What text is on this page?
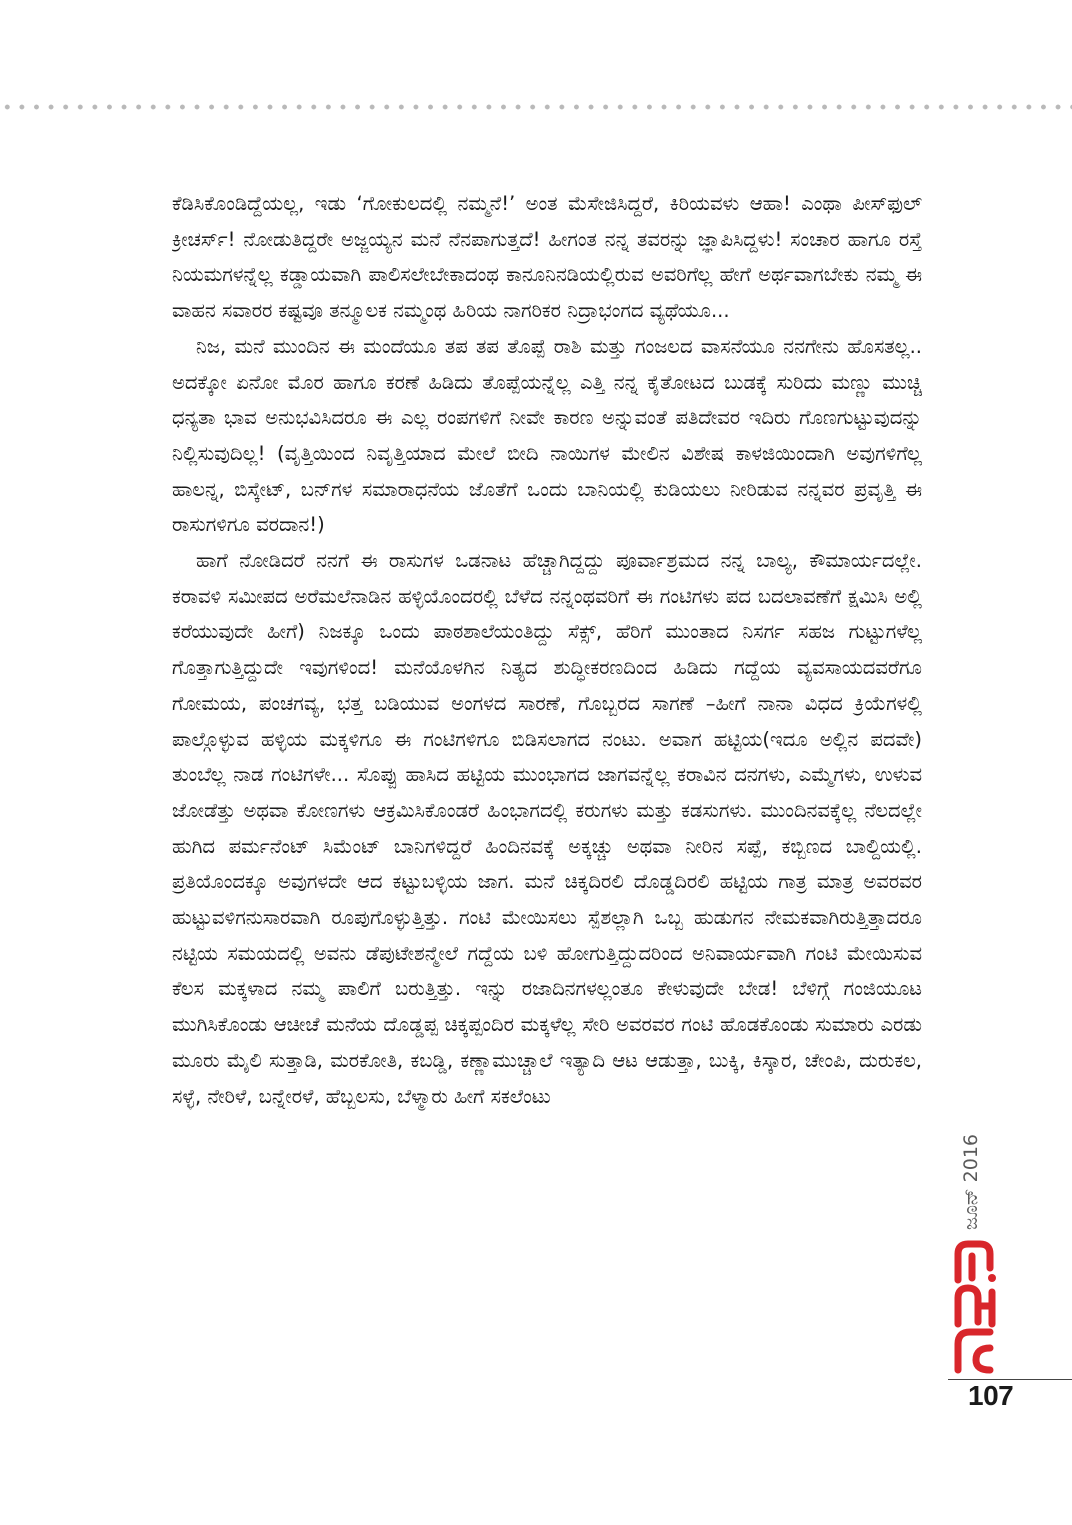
ಕೆಡಿಸಿಕೊಂಡಿದ್ದೆಯಲ್ಲ, ಇಡು ‘ಗೋಕುಲದಲ್ಲಿ ನಮ್ಮನೆ!’ ಅಂತ ಮೆಸೇಜಿಸಿದ್ದರೆ, ಕಿರಿಯವಳು ಆಹಾ! ಎಂಥಾ ಪೀಸ್‌ಫುಲ್ ಕ್ರೀಚರ್ಸ್! ನೋಡುತಿದ್ದರೇ ಅಜ್ಜಯ್ಯನ ಮನೆ ನೆನಪಾಗುತ್ತದೆ! ಹೀಗಂತ ನನ್ನ ತವರನ್ನು ಜ್ಞಾಪಿಸಿದ್ದಳು! ಸಂಚಾರ ಹಾಗೂ ರಸ್ತೆ ನಿಯಮಗಳನ್ನೆಲ್ಲ ಕಡ್ಡಾಯವಾಗಿ ಪಾಲಿಸಲೇಬೇಕಾದಂಥ ಕಾನೂನಿನಡಿಯಲ್ಲಿರುವ ಅವರಿಗೆಲ್ಲ ಹೇಗೆ ಅರ್ಥವಾಗಬೇಕು ನಮ್ಮ ಈ ವಾಹನ ಸವಾರರ ಕಷ್ಟವೂ ತನ್ಮೂಲಕ ನಮ್ಮಂಥ ಹಿರಿಯ ನಾಗರಿಕರ ನಿದ್ರಾಭಂಗದ ವ್ಯಥೆಯೂ...

ನಿಜ, ಮನೆ ಮುಂದಿನ ಈ ಮಂದೆಯೂ ತಪ ತಪ ತೊಪ್ಪೆ ರಾಶಿ ಮತ್ತು ಗಂಜಲದ ವಾಸನೆಯೂ ನನಗೇನು ಹೊಸತಲ್ಲ.. ಅದಕ್ಕೋ ಏನೋ ಮೊರ ಹಾಗೂ ಕರಣೆ ಹಿಡಿದು ತೊಪ್ಪೆಯನ್ನೆಲ್ಲ ಎತ್ತಿ ನನ್ನ ಕೈತೋಟದ ಬುಡಕ್ಕೆ ಸುರಿದು ಮಣ್ಣು ಮುಚ್ಚಿ ಧನ್ಯತಾ ಭಾವ ಅನುಭವಿಸಿದರೂ ಈ ಎಲ್ಲ ರಂಪಗಳಿಗೆ ನೀವೇ ಕಾರಣ ಅನ್ನುವಂತೆ ಪತಿದೇವರ ಇದಿರು ಗೊಣಗುಟ್ಟುವುದನ್ನು ನಿಲ್ಲಿಸುವುದಿಲ್ಲ! (ವೃತ್ತಿಯಿಂದ ನಿವೃತ್ತಿಯಾದ ಮೇಲೆ ಬೀದಿ ನಾಯಿಗಳ ಮೇಲಿನ ವಿಶೇಷ ಕಾಳಜಿಯಿಂದಾಗಿ ಅವುಗಳಿಗೆಲ್ಲ ಹಾಲನ್ನ, ಬಿಸ್ಕೇಟ್, ಬನ್‌ಗಳ ಸಮಾರಾಧನೆಯ ಜೊತೆಗೆ ಒಂದು ಬಾನಿಯಲ್ಲಿ ಕುಡಿಯಲು ನೀರಿಡುವ ನನ್ನವರ ಪ್ರವೃತ್ತಿ ಈ ರಾಸುಗಳಿಗೂ ವರದಾನ!)

ಹಾಗೆ ನೋಡಿದರೆ ನನಗೆ ಈ ರಾಸುಗಳ ಒಡನಾಟ ಹೆಚ್ಚಾಗಿದ್ದದ್ದು ಪೂರ್ವಾಶ್ರಮದ ನನ್ನ ಬಾಲ್ಯ, ಕೌಮಾರ್ಯದಲ್ಲೇ. ಕರಾವಳಿ ಸಮೀಪದ ಅರೆಮಲೆನಾಡಿನ ಹಳ್ಳಿಯೊಂದರಲ್ಲಿ ಬೆಳೆದ ನನ್ನಂಥವರಿಗೆ ಈ ಗಂಟಿಗಳು ಪದ ಬದಲಾವಣೆಗೆ ಕ್ಷಮಿಸಿ ಅಲ್ಲಿ ಕರೆಯುವುದೇ ಹೀಗೆ) ನಿಜಕ್ಕೂ ಒಂದು ಪಾಠಶಾಲೆಯಂತಿದ್ದು ಸೆಕ್ಸ್, ಹೆರಿಗೆ ಮುಂತಾದ ನಿಸರ್ಗ ಸಹಜ ಗುಟ್ಟುಗಳೆಲ್ಲ ಗೊತ್ತಾಗುತ್ತಿದ್ದುದೇ ಇವುಗಳಿಂದ! ಮನೆಯೊಳಗಿನ ನಿತ್ಯದ ಶುದ್ಧೀಕರಣದಿಂದ ಹಿಡಿದು ಗದ್ದೆಯ ವ್ಯವಸಾಯದವರೆಗೂ ಗೋಮಯ, ಪಂಚಗವ್ಯ, ಭತ್ತ ಬಡಿಯುವ ಅಂಗಳದ ಸಾರಣೆ, ಗೊಬ್ಬರದ ಸಾಗಣೆ –ಹೀಗೆ ನಾನಾ ವಿಧದ ಕ್ರಿಯೆಗಳಲ್ಲಿ ಪಾಲ್ಗೊಳ್ಳುವ ಹಳ್ಳಿಯ ಮಕ್ಕಳಿಗೂ ಈ ಗಂಟಿಗಳಿಗೂ ಬಿಡಿಸಲಾಗದ ನಂಟು. ಅವಾಗ ಹಟ್ಟಿಯ(ಇದೂ ಅಲ್ಲಿನ ಪದವೇ) ತುಂಬೆಲ್ಲ ನಾಡ ಗಂಟಿಗಳೇ... ಸೊಪ್ಪು ಹಾಸಿದ ಹಟ್ಟಿಯ ಮುಂಭಾಗದ ಜಾಗವನ್ನೆಲ್ಲ ಕರಾವಿನ ದನಗಳು, ಎಮ್ಮೆಗಳು, ಉಳುವ ಜೋಡೆತ್ತು ಅಥವಾ ಕೋಣಗಳು ಆಕ್ರಮಿಸಿಕೊಂಡರೆ ಹಿಂಭಾಗದಲ್ಲಿ ಕರುಗಳು ಮತ್ತು ಕಡಸುಗಳು. ಮುಂದಿನವಕ್ಕೆಲ್ಲ ನೆಲದಲ್ಲೇ ಹುಗಿದ ಪರ್ಮನೆಂಟ್ ಸಿಮೆಂಟ್ ಬಾನಿಗಳಿದ್ದರೆ ಹಿಂದಿನವಕ್ಕೆ ಅಕ್ಕಚ್ಚು ಅಥವಾ ನೀರಿನ ಸಪ್ಪೆ, ಕಬ್ಬಿಣದ ಬಾಲ್ದಿಯಲ್ಲಿ. ಪ್ರತಿಯೊಂದಕ್ಕೂ ಅವುಗಳದೇ ಆದ ಕಟ್ಟುಬಳ್ಳಿಯ ಜಾಗ. ಮನೆ ಚಿಕ್ಕದಿರಲಿ ದೊಡ್ಡದಿರಲಿ ಹಟ್ಟಿಯ ಗಾತ್ರ ಮಾತ್ರ ಅವರವರ ಹುಟ್ಟುವಳಿಗನುಸಾರವಾಗಿ ರೂಪುಗೊಳ್ಳುತ್ತಿತ್ತು. ಗಂಟಿ ಮೇಯಿಸಲು ಸ್ಪೆಶಲ್ಲಾಗಿ ಒಬ್ಬ ಹುಡುಗನ ನೇಮಕವಾಗಿರುತ್ತಿತ್ತಾದರೂ ನಟ್ಟಿಯ ಸಮಯದಲ್ಲಿ ಅವನು ಡೆಪುಟೇಶನ್ಮೇಲೆ ಗದ್ದೆಯ ಬಳಿ ಹೋಗುತ್ತಿದ್ದುದರಿಂದ ಅನಿವಾರ್ಯವಾಗಿ ಗಂಟಿ ಮೇಯಿಸುವ ಕೆಲಸ ಮಕ್ಕಳಾದ ನಮ್ಮ ಪಾಲಿಗೆ ಬರುತ್ತಿತ್ತು. ಇನ್ನು ರಜಾದಿನಗಳಲ್ಲಂತೂ ಕೇಳುವುದೇ ಬೇಡ! ಬೆಳಿಗ್ಗೆ ಗಂಜಿಯೂಟ ಮುಗಿಸಿಕೊಂಡು ಆಚೀಚೆ ಮನೆಯ ದೊಡ್ಡಪ್ಪ ಚಿಕ್ಕಪ್ಪಂದಿರ ಮಕ್ಕಳೆಲ್ಲ ಸೇರಿ ಅವರವರ ಗಂಟಿ ಹೊಡಕೊಂಡು ಸುಮಾರು ಎರಡು ಮೂರು ಮೈಲಿ ಸುತ್ತಾಡಿ, ಮರಕೋತಿ, ಕಬಡ್ಡಿ, ಕಣ್ಣಾಮುಚ್ಚಾಲೆ ಇತ್ಯಾದಿ ಆಟ ಆಡುತ್ತಾ, ಬುಕ್ಕಿ, ಕಿಸ್ಕಾರ, ಚೇಂಪಿ, ದುರುಕಲ, ಸಳ್ಳೆ, ನೇರಿಳೆ, ಬನ್ನೇರಳೆ, ಹೆಬ್ಬಲಸು, ಬೆಳ್ಮಾರು ಹೀಗೆ ಸಕಲೆಂಟು

ಜೂನ್ 2016
107
